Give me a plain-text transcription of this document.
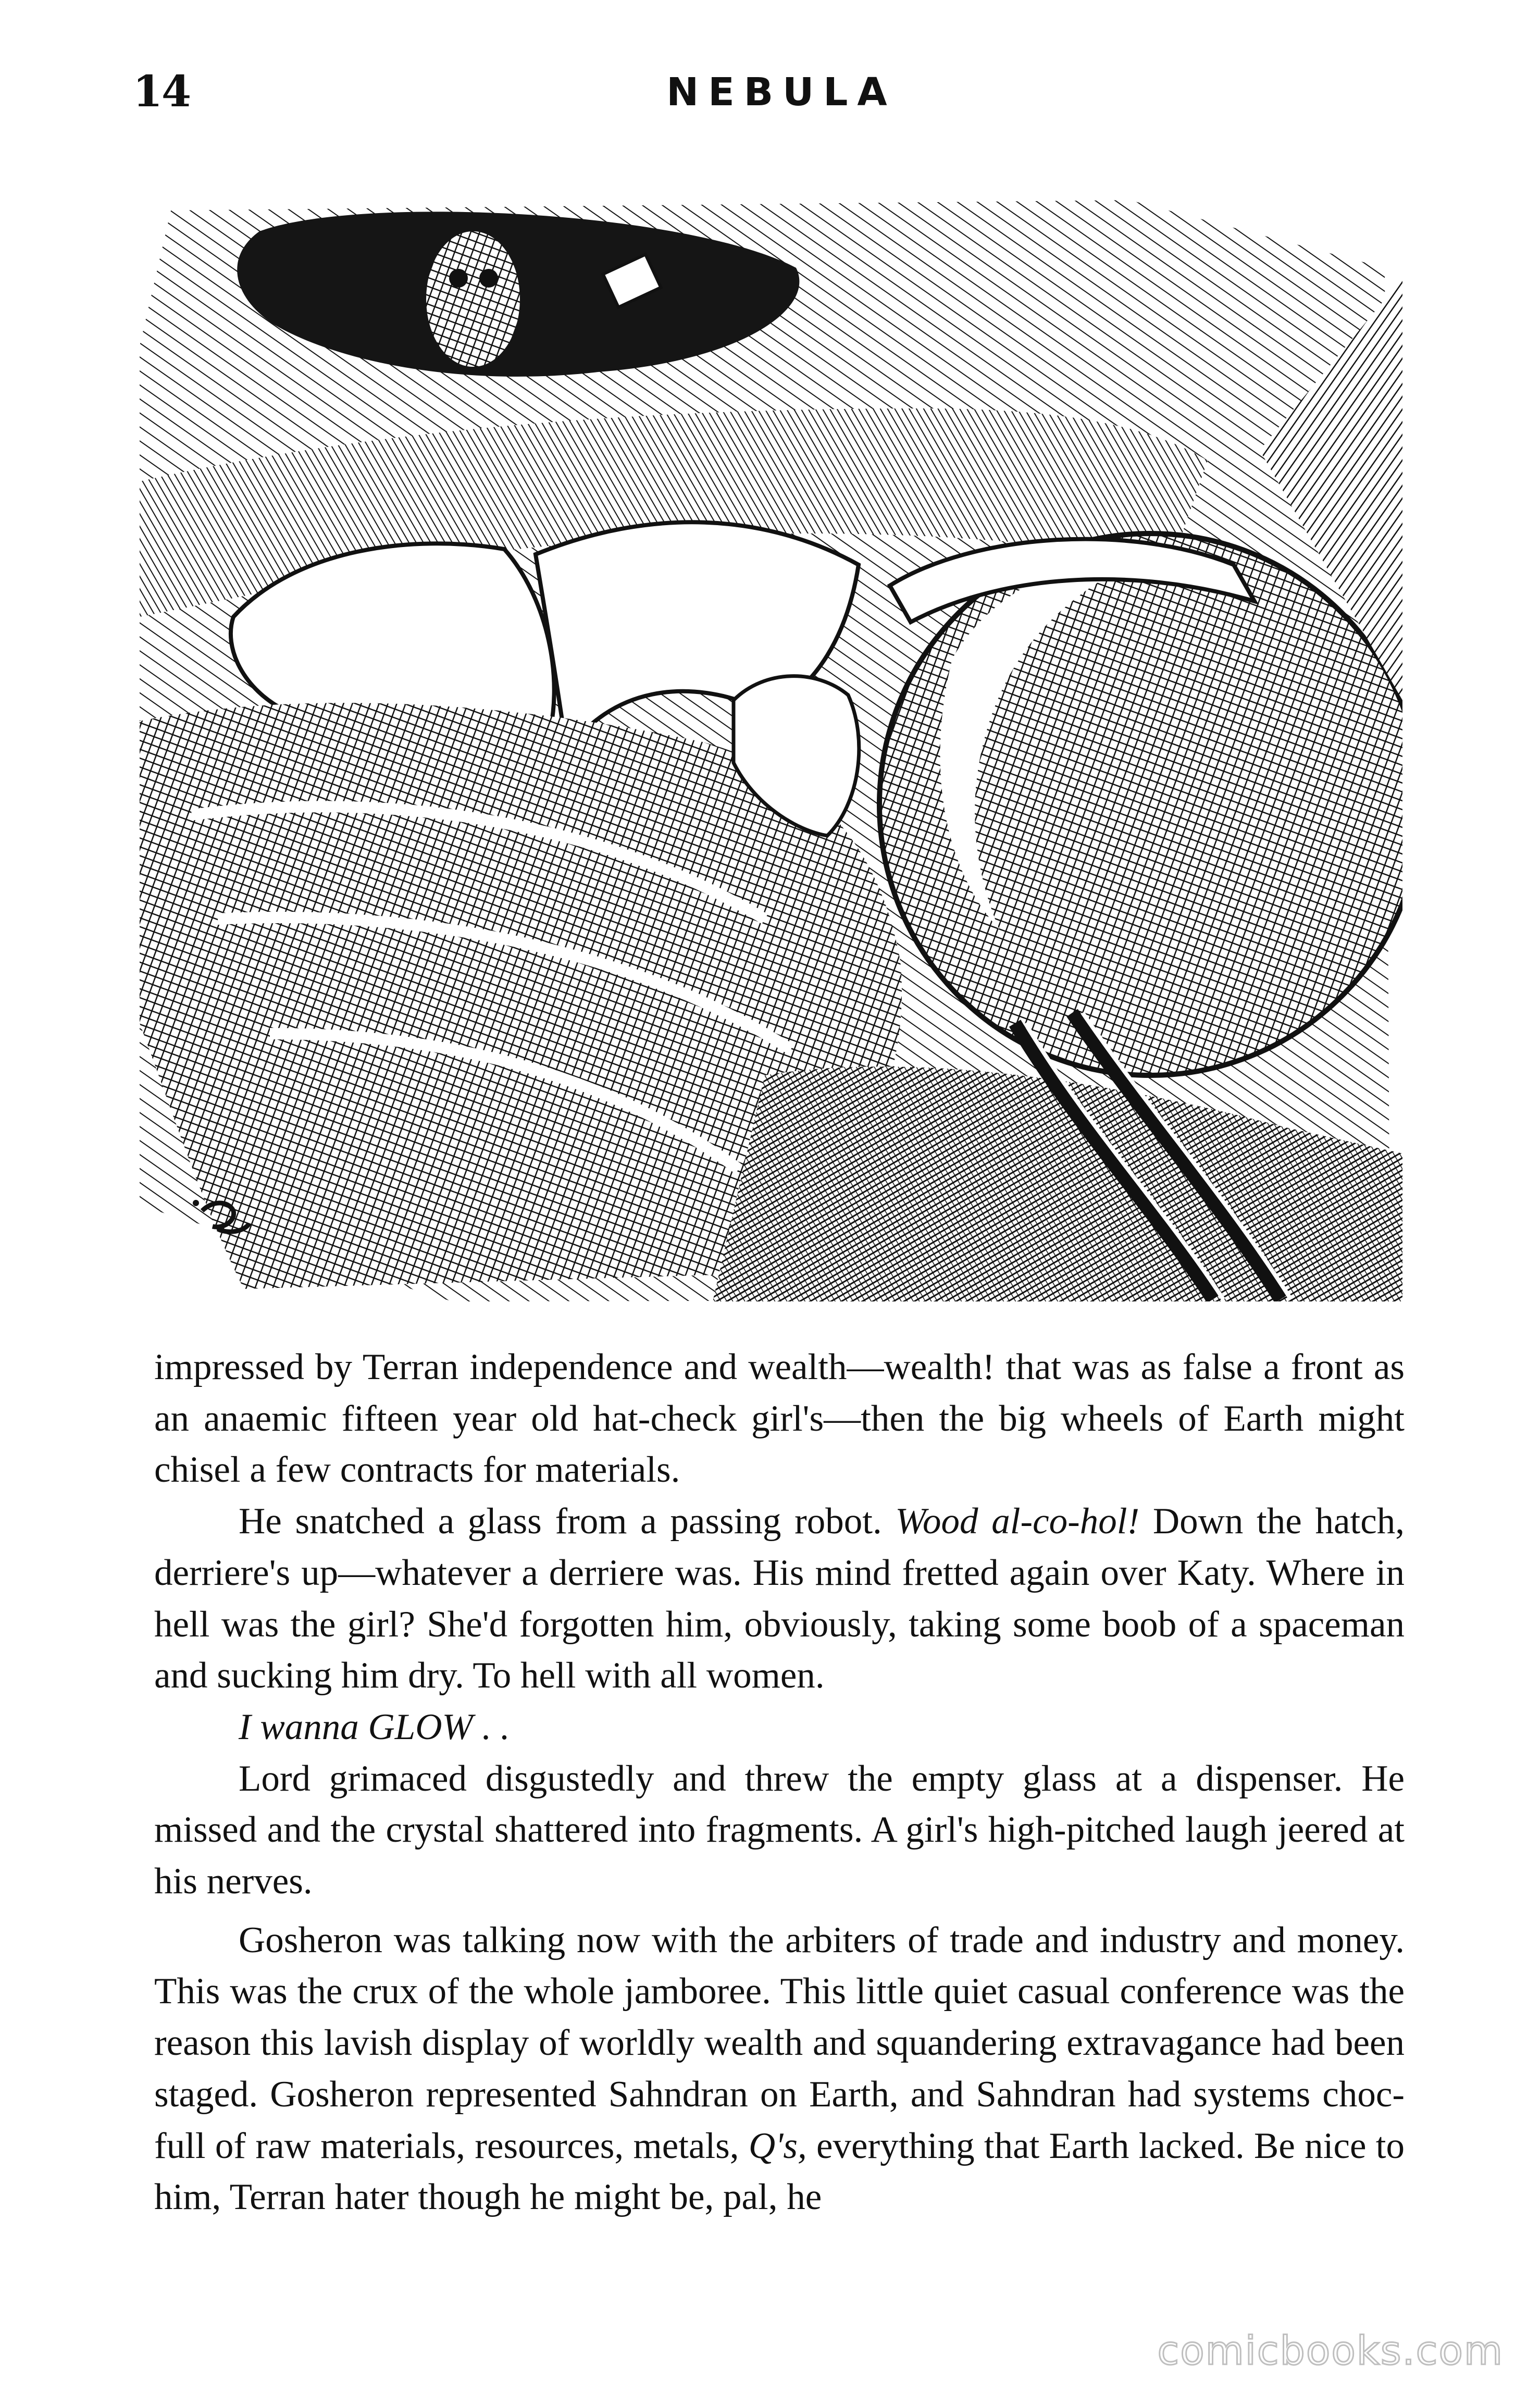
14	NEBULA

impressed by Terran independence and wealth—wealth! that was as false a front as an anaemic fifteen year old hat-check girl's—then the big wheels of Earth might chisel a few contracts for materials.

He snatched a glass from a passing robot. Wood al-co-hol! Down the hatch, derriere's up—whatever a derriere was. His mind fretted again over Katy. Where in hell was the girl? She'd forgotten him, obviously, taking some boob of a spaceman and sucking him dry. To hell with all women.

I wanna GLOW . .

Lord grimaced disgustedly and threw the empty glass at a dispenser. He missed and the crystal shattered into fragments. A girl's high-pitched laugh jeered at his nerves.

Gosheron was talking now with the arbiters of trade and industry and money. This was the crux of the whole jamboree. This little quiet casual conference was the reason this lavish display of worldly wealth and squandering extravagance had been staged. Gosheron represented Sahndran on Earth, and Sahndran had systems choc-full of raw materials, resources, metals, Q's, everything that Earth lacked. Be nice to him, Terran hater though he might be, pal, he

comicbooks.com
